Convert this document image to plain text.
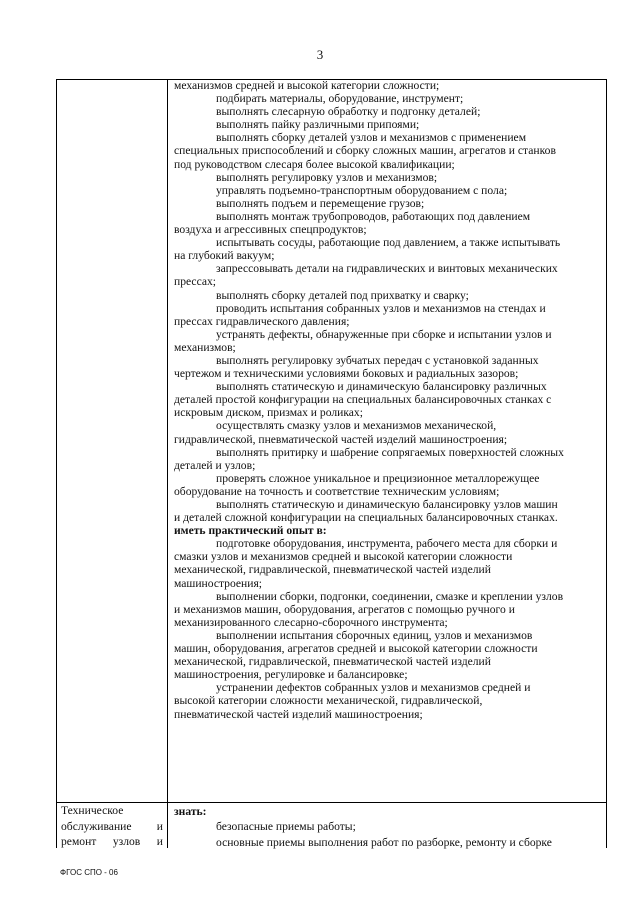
3
механизмов средней и высокой категории сложности;
подбирать материалы, оборудование, инструмент;
выполнять слесарную обработку и подгонку деталей;
выполнять пайку различными припоями;
выполнять сборку деталей узлов и механизмов с применением
специальных приспособлений и сборку сложных машин, агрегатов и станков
под руководством слесаря более высокой квалификации;
выполнять регулировку узлов и механизмов;
управлять подъемно-транспортным оборудованием с пола;
выполнять подъем и перемещение грузов;
выполнять монтаж трубопроводов, работающих под давлением
воздуха и агрессивных спецпродуктов;
испытывать сосуды, работающие под давлением, а также испытывать
на глубокий вакуум;
запрессовывать детали на гидравлических и винтовых механических
прессах;
выполнять сборку деталей под прихватку и сварку;
проводить испытания собранных узлов и механизмов на стендах и
прессах гидравлического давления;
устранять дефекты, обнаруженные при сборке и испытании узлов и
механизмов;
выполнять регулировку зубчатых передач с установкой заданных
чертежом и техническими условиями боковых и радиальных зазоров;
выполнять статическую и динамическую балансировку различных
деталей простой конфигурации на специальных балансировочных станках с
искровым диском, призмах и роликах;
осуществлять смазку узлов и механизмов механической,
гидравлической, пневматической частей изделий машиностроения;
выполнять притирку и шабрение сопрягаемых поверхностей сложных
деталей и узлов;
проверять сложное уникальное и прецизионное металлорежущее
оборудование на точность и соответствие техническим условиям;
выполнять статическую и динамическую балансировку узлов машин
и деталей сложной конфигурации на специальных балансировочных станках.
иметь практический опыт в:
подготовке оборудования, инструмента, рабочего места для сборки и
смазки узлов и механизмов средней и высокой категории сложности
механической, гидравлической, пневматической частей изделий
машиностроения;
выполнении сборки, подгонки, соединении, смазке и креплении узлов
и механизмов машин, оборудования, агрегатов с помощью ручного и
механизированного слесарно-сборочного инструмента;
выполнении испытания сборочных единиц, узлов и механизмов
машин, оборудования, агрегатов средней и высокой категории сложности
механической, гидравлической, пневматической частей изделий
машиностроения, регулировке и балансировке;
устранении дефектов собранных узлов и механизмов средней и
высокой категории сложности механической, гидравлической,
пневматической частей изделий машиностроения;
Техническое
обслуживание и
ремонт узлов и
знать:
безопасные приемы работы;
основные приемы выполнения работ по разборке, ремонту и сборке
ФГОС СПО - 06
